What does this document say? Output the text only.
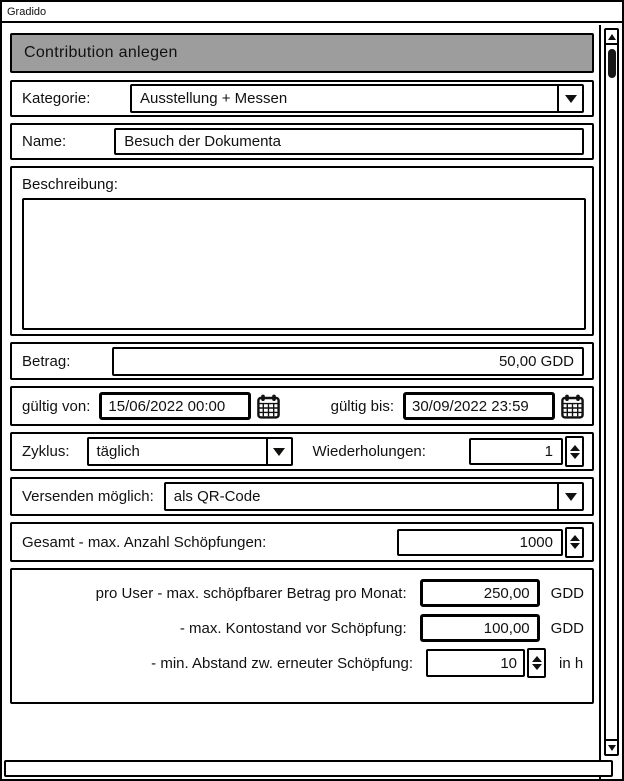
Gradido
Contribution anlegen
Kategorie:	Ausstellung + Messen
Name:
Besuch der Dokumenta
Beschreibung:
Betrag:
50,00 GDD
gültig von:
15/06/2022 00:00	gültig bis:
30/09/2022 23:59
Zyklus:	täglich	Wiederholungen:
1
Versenden möglich:	als QR-Code
Gesamt - max. Anzahl Schöpfungen:
1000
pro User - max. schöpfbarer Betrag pro Monat:
250,00	GDD
- max. Kontostand vor Schöpfung:
100,00	GDD
- min. Abstand zw. erneuter Schöpfung:
10	in h
